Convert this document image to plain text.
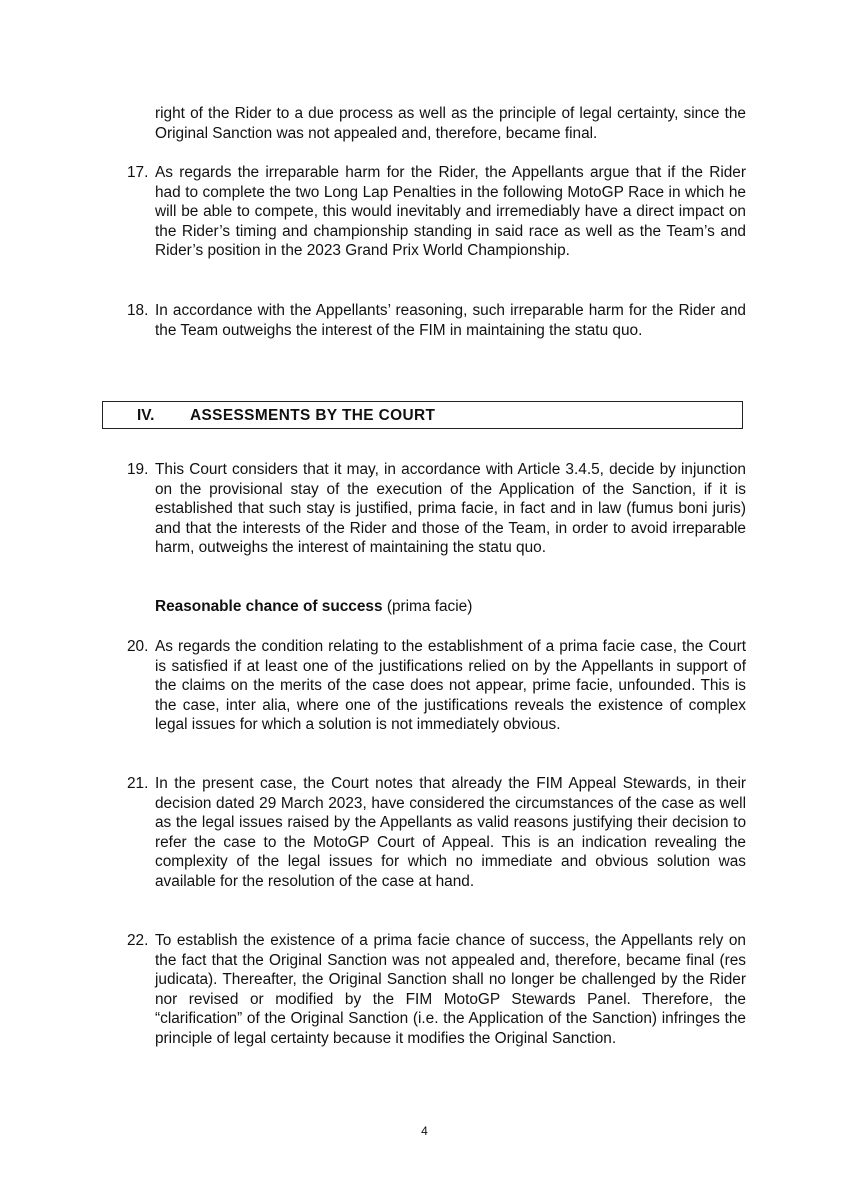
right of the Rider to a due process as well as the principle of legal certainty, since the Original Sanction was not appealed and, therefore, became final.
17. As regards the irreparable harm for the Rider, the Appellants argue that if the Rider had to complete the two Long Lap Penalties in the following MotoGP Race in which he will be able to compete, this would inevitably and irremediably have a direct impact on the Rider’s timing and championship standing in said race as well as the Team’s and Rider’s position in the 2023 Grand Prix World Championship.
18. In accordance with the Appellants’ reasoning, such irreparable harm for the Rider and the Team outweighs the interest of the FIM in maintaining the statu quo.
IV. ASSESSMENTS BY THE COURT
19. This Court considers that it may, in accordance with Article 3.4.5, decide by injunction on the provisional stay of the execution of the Application of the Sanction, if it is established that such stay is justified, prima facie, in fact and in law (fumus boni juris) and that the interests of the Rider and those of the Team, in order to avoid irreparable harm, outweighs the interest of maintaining the statu quo.
Reasonable chance of success (prima facie)
20. As regards the condition relating to the establishment of a prima facie case, the Court is satisfied if at least one of the justifications relied on by the Appellants in support of the claims on the merits of the case does not appear, prime facie, unfounded. This is the case, inter alia, where one of the justifications reveals the existence of complex legal issues for which a solution is not immediately obvious.
21. In the present case, the Court notes that already the FIM Appeal Stewards, in their decision dated 29 March 2023, have considered the circumstances of the case as well as the legal issues raised by the Appellants as valid reasons justifying their decision to refer the case to the MotoGP Court of Appeal. This is an indication revealing the complexity of the legal issues for which no immediate and obvious solution was available for the resolution of the case at hand.
22. To establish the existence of a prima facie chance of success, the Appellants rely on the fact that the Original Sanction was not appealed and, therefore, became final (res judicata). Thereafter, the Original Sanction shall no longer be challenged by the Rider nor revised or modified by the FIM MotoGP Stewards Panel. Therefore, the “clarification” of the Original Sanction (i.e. the Application of the Sanction) infringes the principle of legal certainty because it modifies the Original Sanction.
4
